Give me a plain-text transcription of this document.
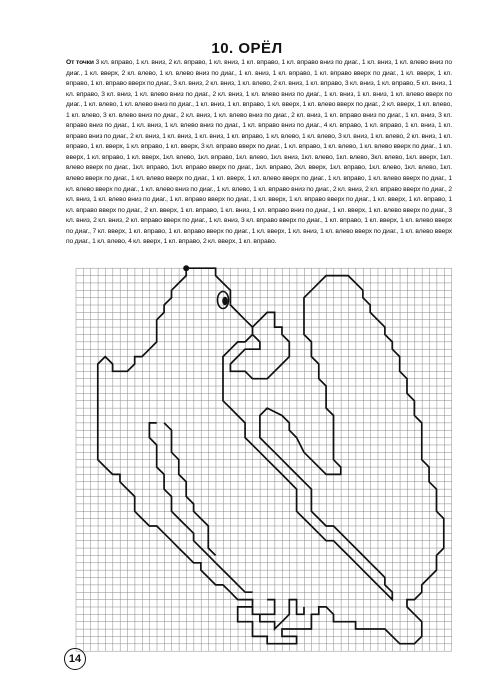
10. ОРЁЛ
От точки 3 кл. вправо, 1 кл. вниз, 2 кл. вправо, 1 кл. вниз, 1 кл. вправо, 1 кл. вправо вниз по диаг., 1 кл. вниз, 1 кл. влево вниз по диаг., 1 кл. вверх, 2 кл. влево, 1 кл. влево вниз по диаг., 1 кл. вниз, 1 кл. вправо, 1 кл. вправо вверх по диаг., 1 кл. вверх, 1 кл. вправо, 1 кл. вправо вверх по диаг., 3 кл. вниз, 2 кл. вниз, 1 кл. влево, 2 кл. вниз, 1 кл. вправо, 3 кл. вниз, 1 кл. вправо, 5 кл. вниз, 1 кл. вправо, 3 кл. вниз, 1 кл. влево вниз по диаг., 2 кл. вниз, 1 кл. влево вниз по диаг., 1 кл. вниз, 1 кл. вниз, 1 кл. влево вверх по диаг., 1 кл. влево, 1 кл. влево вниз по диаг., 1 кл. вниз, 1 кл. вправо, 1 кл. вверх, 1 кл. влево вверх по диаг., 2 кл. вверх, 1 кл. влево, 1 кл. влево, 3 кл. влево вниз по диаг., 2 кл. вниз, 1 кл. влево вниз по диаг., 2 кл. вниз, 1 кл. вправо вниз по диаг., 1 кл. вниз, 3 кл. вправо вниз по диаг., 1 кл. вниз, 1 кл. влево вниз по диаг., 1 кл. вправо вниз по диаг., 4 кл. вправо, 1 кл. вправо, 1 кл. вниз, 1 кл. вправо вниз по диаг., 2 кл. вниз, 1 кл. вниз, 1 кл. вниз, 1 кл. вправо, 1 кл. влево, 1 кл. влево, 3 кл. вниз, 1 кл. влево, 2 кл. вниз, 1 кл. вправо, 1 кл. вверх, 1 кл. вправо, 1 кл. вверх, 3 кл. вправо вверх по диаг., 1 кл. вправо, 1 кл. влево, 1 кл. влево вверх по диаг., 1 кл. вверх, 1 кл. вправо, 1 кл. вверх, 1кл. влево, 1кл. вправо, 1кл. влево, 1кл. вниз, 1кл. влево, 1кл. влево, 3кл. влево, 1кл. вверх, 1кл. влево вверх по диаг., 1кл. вправо, 1кл. вправо вверх по диаг., 1кл. вправо, 2кл. вверх, 1кл. вправо, 1кл. влево, 1кл. влево, 1кл. влево вверх по диаг., 1 кл. влево вверх по диаг., 1 кл. вверх, 1 кл. влево вверх по диаг., 1 кл. вправо, 1 кл. влево вверх по диаг., 1 кл. влево вверх по диаг., 1 кл. влево вниз по диаг., 1 кл. влево, 1 кл. вправо вниз по диаг., 2 кл. вниз, 2 кл. вправо вверх по диаг., 2 кл. вниз, 1 кл. влево вниз по диаг., 1 кл. вправо вверх по диаг., 1 кл. вверх, 1 кл. вправо вверх по диаг., 1 кл. вверх, 1 кл. вправо, 1 кл. вправо вверх по диаг., 2 кл. вверх, 1 кл. вправо, 1 кл. вниз, 1 кл. вправо вниз по диаг., 1 кл. вверх, 1 кл. влево вверх по диаг., 3 кл. вниз, 2 кл. вниз, 2 кл. вправо вверх по диаг., 1 кл. вниз, 3 кл. вправо вверх по диаг., 1 кл. вправо, 1 кл. вверх, 1 кл. влево вверх по диаг., 7 кл. вверх, 1 кл. вправо, 1 кл. вправо вверх по диаг., 1 кл. вверх, 1 кл. вниз, 1 кл. влево вверх по диаг., 1 кл. влево вверх по диаг., 1 кл. влево, 4 кл. вверх, 1 кл. вправо, 2 кл. вверх, 1 кл. вправо.
14
